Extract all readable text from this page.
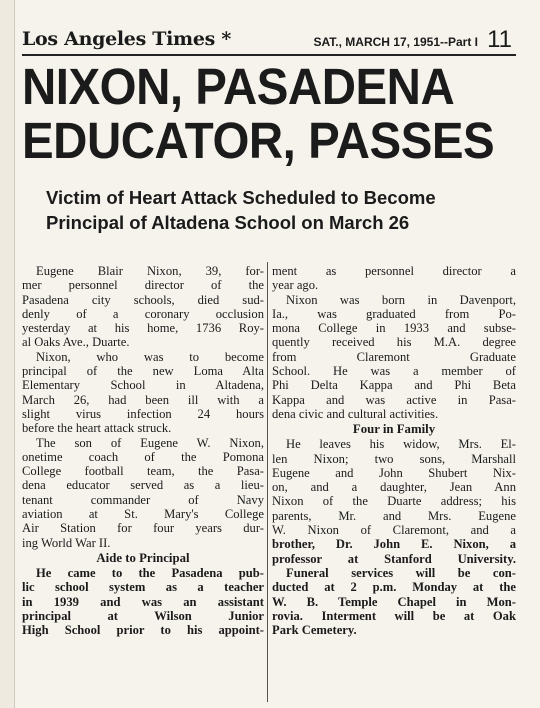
Los Angeles Times *	SAT., MARCH 17, 1951--Part I 11
NIXON, PASADENA
EDUCATOR, PASSES
Victim of Heart Attack Scheduled to Become
Principal of Altadena School on March 26
Eugene Blair Nixon, 39, for-
mer personnel director of the
Pasadena city schools, died sud-
denly of a coronary occlusion
yesterday at his home, 1736 Roy-
al Oaks Ave., Duarte.
Nixon, who was to become
principal of the new Loma Alta
Elementary School in Altadena,
March 26, had been ill with a
slight virus infection 24 hours
before the heart attack struck.
The son of Eugene W. Nixon,
onetime coach of the Pomona
College football team, the Pasa-
dena educator served as a lieu-
tenant commander of Navy
aviation at St. Mary's College
Air Station for four years dur-
ing World War II.
Aide to Principal
He came to the Pasadena pub-
lic school system as a teacher
in 1939 and was an assistant
principal at Wilson Junior
High School prior to his appoint-
ment as personnel director a
year ago.
Nixon was born in Davenport,
Ia., was graduated from Po-
mona College in 1933 and subse-
quently received his M.A. degree
from Claremont Graduate
School. He was a member of
Phi Delta Kappa and Phi Beta
Kappa and was active in Pasa-
dena civic and cultural activities.
Four in Family
He leaves his widow, Mrs. El-
len Nixon; two sons, Marshall
Eugene and John Shubert Nix-
on, and a daughter, Jean Ann
Nixon of the Duarte address; his
parents, Mr. and Mrs. Eugene
W. Nixon of Claremont, and a
brother, Dr. John E. Nixon, a
professor at Stanford University.
Funeral services will be con-
ducted at 2 p.m. Monday at the
W. B. Temple Chapel in Mon-
rovia. Interment will be at Oak
Park Cemetery.
